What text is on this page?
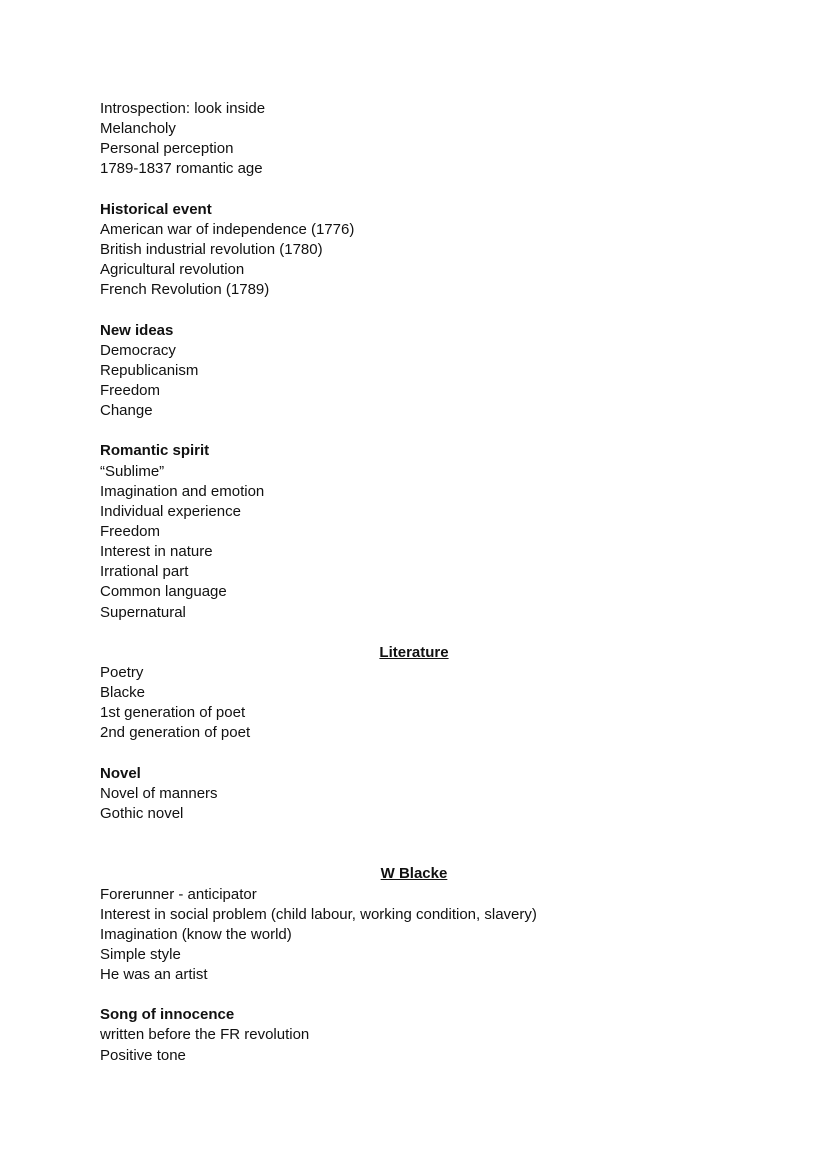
Introspection: look inside
Melancholy
Personal perception
1789-1837 romantic age
Historical event
American war of independence (1776)
British industrial revolution (1780)
Agricultural revolution
French Revolution (1789)
New ideas
Democracy
Republicanism
Freedom
Change
Romantic spirit
“Sublime”
Imagination and emotion
Individual experience
Freedom
Interest in nature
Irrational part
Common language
Supernatural
Literature
Poetry
Blacke
1st generation of poet
2nd generation of poet
Novel
Novel of manners
Gothic novel
W Blacke
Forerunner - anticipator
Interest in social problem (child labour, working condition, slavery)
Imagination (know the world)
Simple style
He was an artist
Song of innocence
written before the FR revolution
Positive tone
